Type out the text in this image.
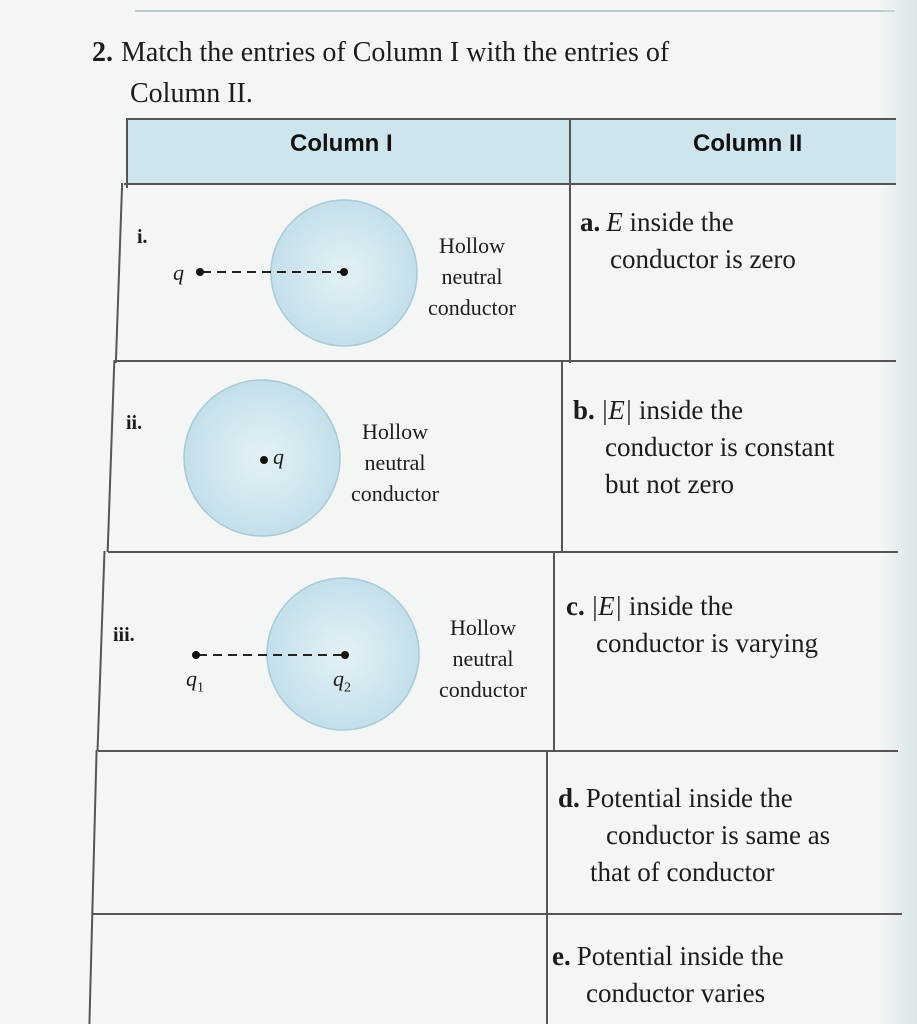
2. Match the entries of Column I with the entries of
Column II.
Column I	Column II
i.
q
Hollow
neutral
conductor
ii.
q
Hollow
neutral
conductor
iii.
$q_1$	$q_2$
Hollow
neutral
conductor
a. E inside the
conductor is zero
b. |E| inside the
conductor is constant
but not zero
c. |E| inside the
conductor is varying
d. Potential inside the
conductor is same as
that of conductor
e. Potential inside the
conductor varies
